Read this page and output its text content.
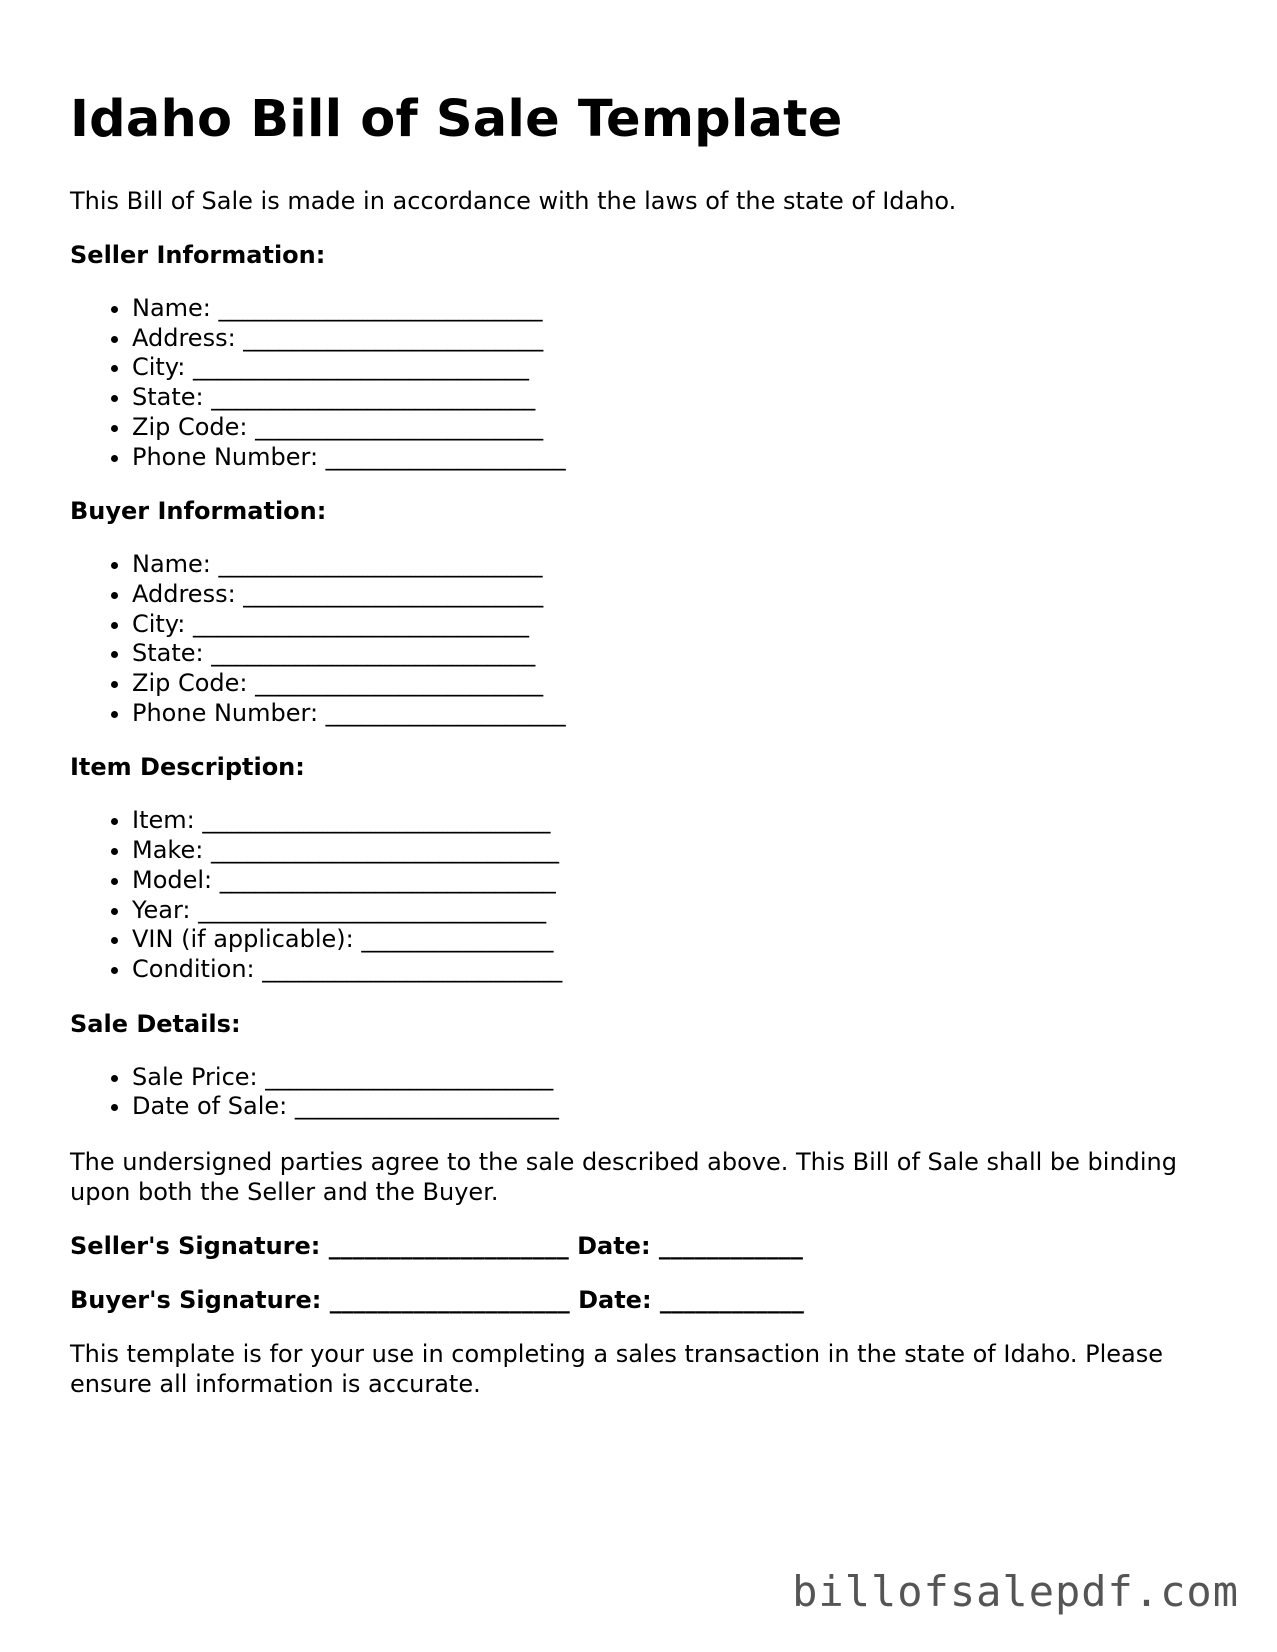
Idaho Bill of Sale Template

This Bill of Sale is made in accordance with the laws of the state of Idaho.

Seller Information:
• Name: ___________________________
• Address: _________________________
• City: ____________________________
• State: ___________________________
• Zip Code: ________________________
• Phone Number: ____________________
Buyer Information:
• Name: ___________________________
• Address: _________________________
• City: ____________________________
• State: ___________________________
• Zip Code: ________________________
• Phone Number: ____________________
Item Description:
• Item: _____________________________
• Make: _____________________________
• Model: ____________________________
• Year: _____________________________
• VIN (if applicable): ________________
• Condition: _________________________
Sale Details:
• Sale Price: ________________________
• Date of Sale: ______________________

The undersigned parties agree to the sale described above. This Bill of Sale shall be binding upon both the Seller and the Buyer.

Seller's Signature: ____________________ Date: ____________
Buyer's Signature: ____________________ Date: ____________

This template is for your use in completing a sales transaction in the state of Idaho. Please ensure all information is accurate.

billofsalepdf.com
